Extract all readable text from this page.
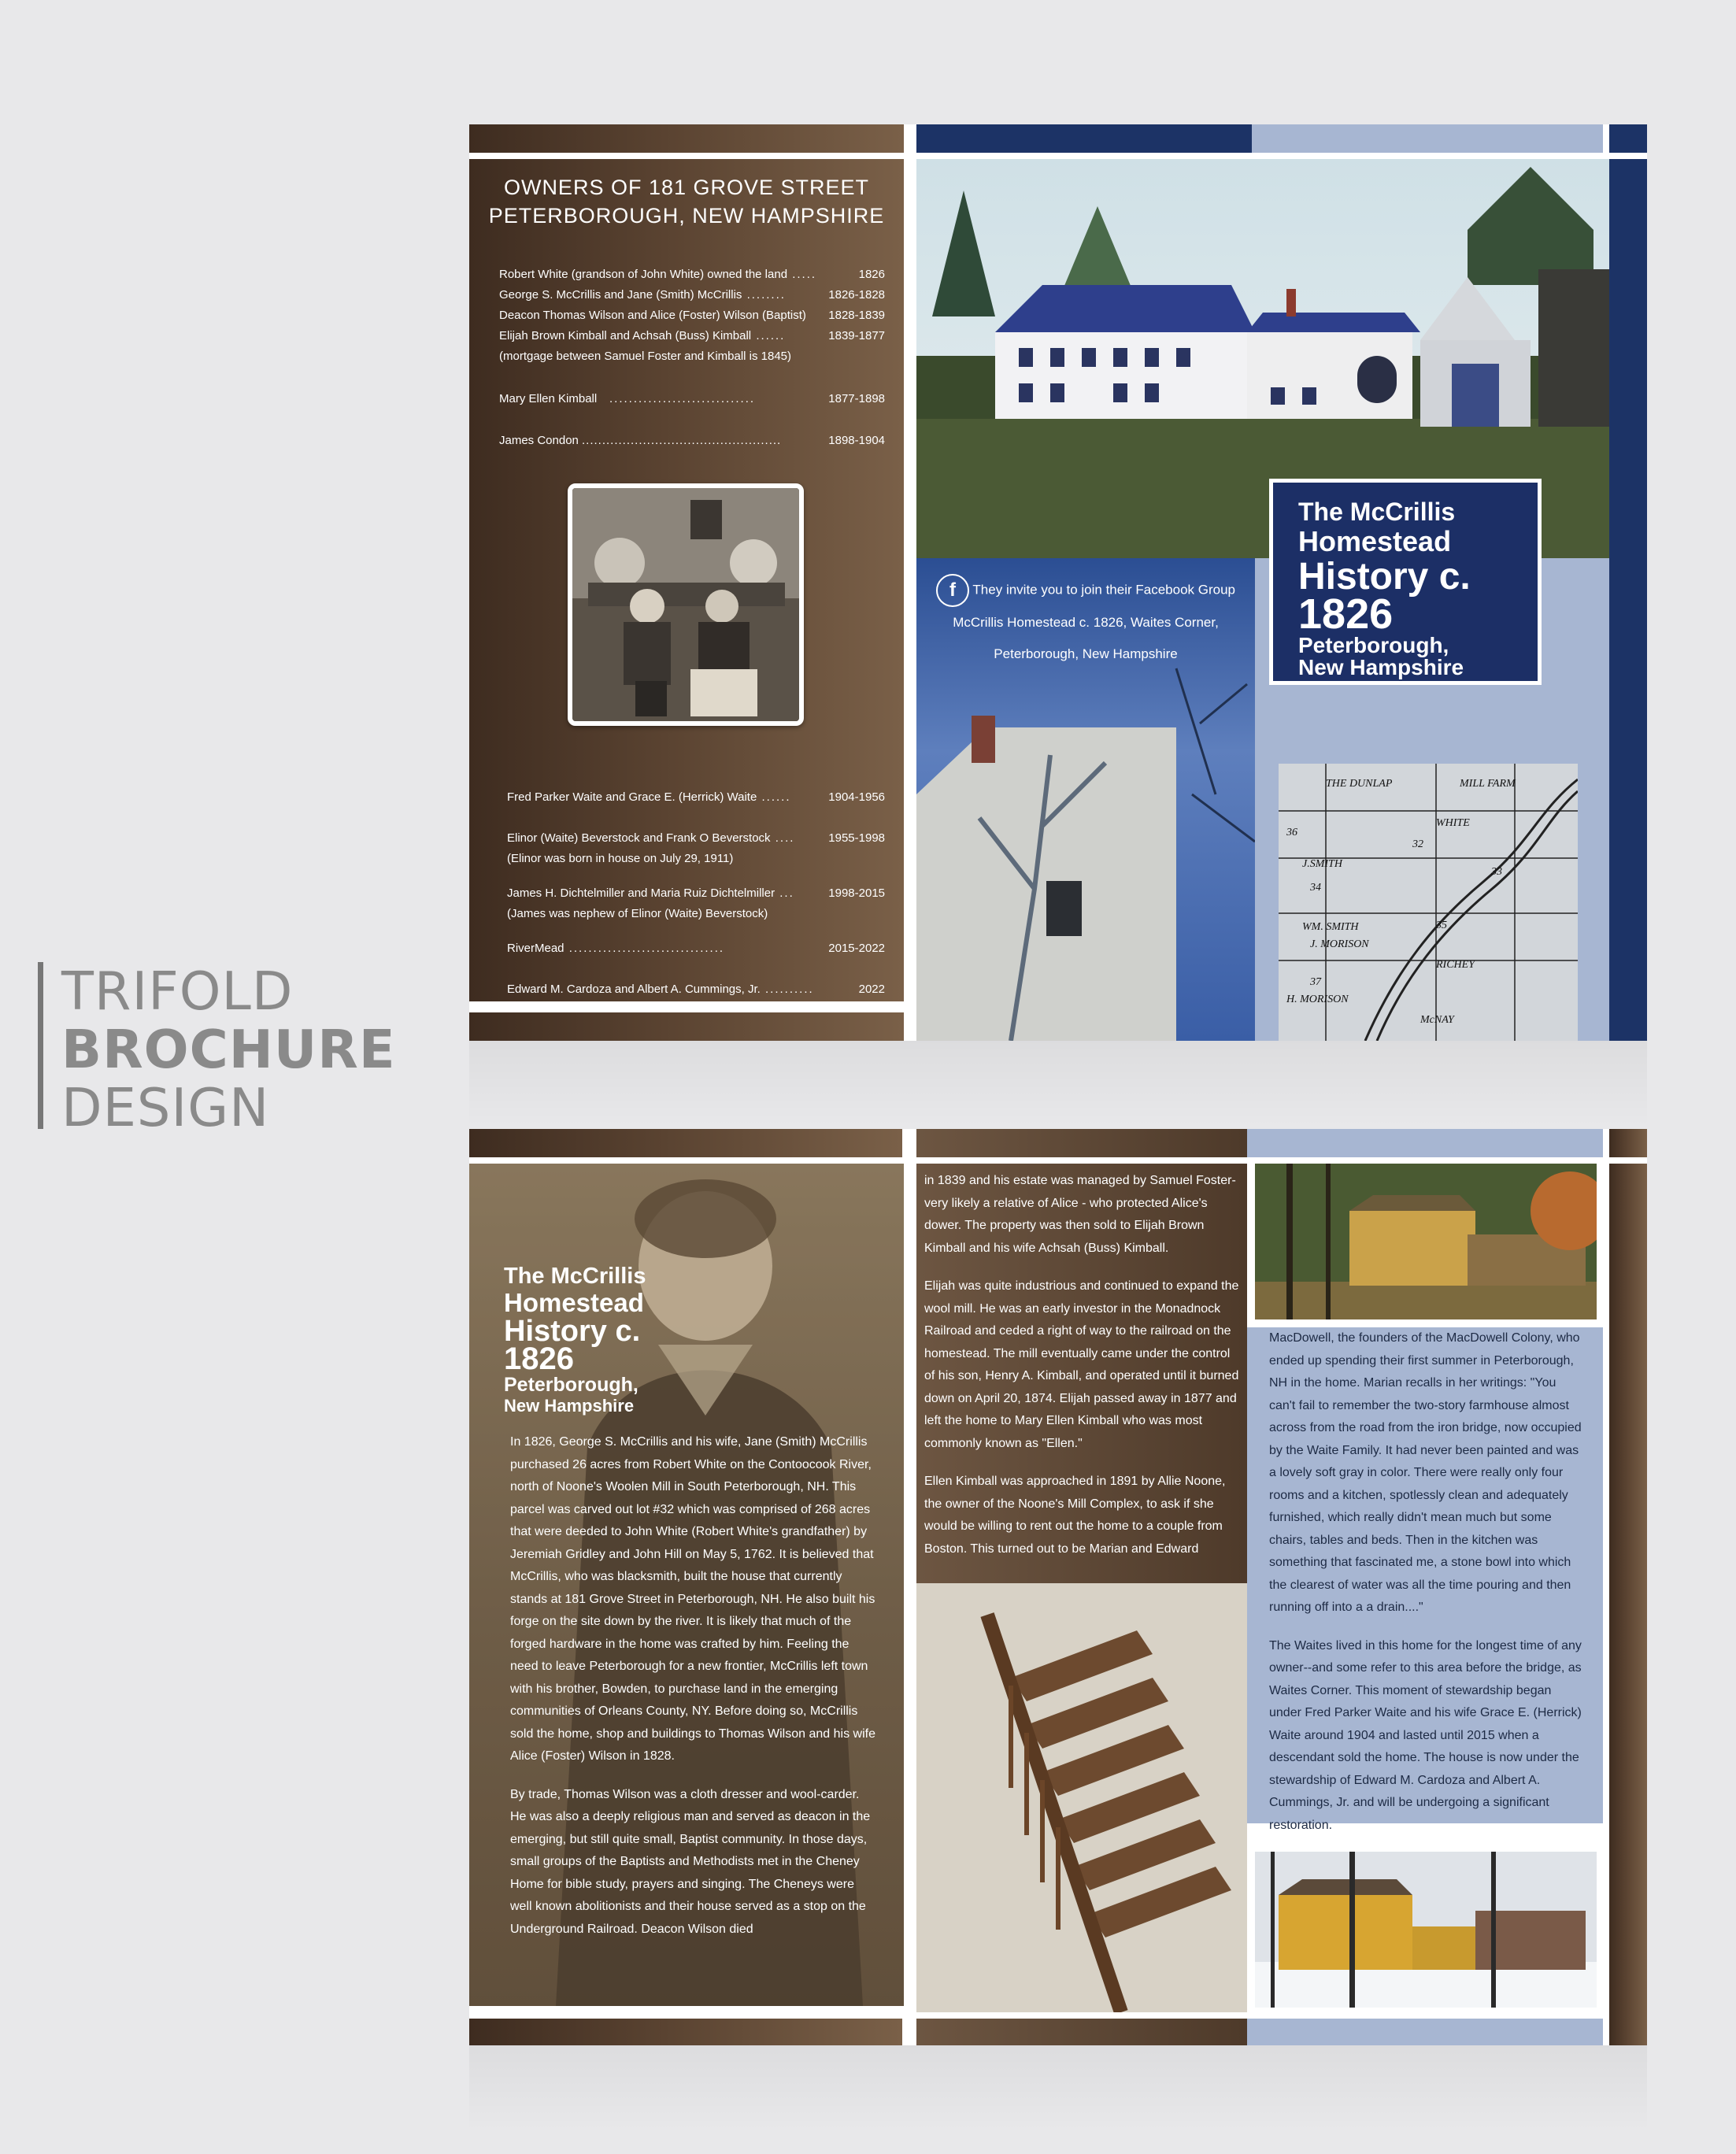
TRIFOLD
BROCHURE
DESIGN
OWNERS OF 181 GROVE STREET
PETERBOROUGH, NEW HAMPSHIRE
Robert White (grandson of John White) owned the land .....	1826
George S. McCrillis and Jane (Smith) McCrillis ........	1826-1828
Deacon Thomas Wilson and Alice (Foster) Wilson (Baptist) 1828-1839
Elijah Brown Kimball and Achsah (Buss) Kimball ......	1839-1877
(mortgage between Samuel Foster and Kimball is 1845)
Mary Ellen Kimball ..............................	1877-1898
James Condon .................................................	1898-1904
Fred Parker Waite and Grace E. (Herrick) Waite ......	1904-1956
Elinor (Waite) Beverstock and Frank O Beverstock ....	1955-1998
(Elinor was born in house on July 29, 1911)
James H. Dichtelmiller and Maria Ruiz Dichtelmiller ...	1998-2015
(James was nephew of Elinor (Waite) Beverstock)
RiverMead ................................	2015-2022
Edward M. Cardoza and Albert A. Cummings, Jr. ..........	2022
f They invite you to join their Facebook Group
McCrillis Homestead c. 1826, Waites Corner,
Peterborough, New Hampshire
THE DUNLAP	MILL FARM
WHITE
J.SMITH
34
WM. SMITH
J. MORISON
H. MORISON
McNAY
RICHEY
32
33
35
36
37
The McCrillis
Homestead
History c.
1826
Peterborough,
New Hampshire
The McCrillis
Homestead
History c.
1826
Peterborough,
New Hampshire

In 1826, George S. McCrillis and his wife, Jane (Smith) McCrillis purchased 26 acres from Robert White on the Contoocook River, north of Noone's Woolen Mill in South Peterborough, NH. This parcel was carved out lot #32 which was comprised of 268 acres that were deeded to John White (Robert White's grandfather) by Jeremiah Gridley and John Hill on May 5, 1762. It is believed that McCrillis, who was blacksmith, built the house that currently stands at 181 Grove Street in Peterborough, NH. He also built his forge on the site down by the river. It is likely that much of the forged hardware in the home was crafted by him. Feeling the need to leave Peterborough for a new frontier, McCrillis left town with his brother, Bowden, to purchase land in the emerging communities of Orleans County, NY. Before doing so, McCrillis sold the home, shop and buildings to Thomas Wilson and his wife Alice (Foster) Wilson in 1828.

By trade, Thomas Wilson was a cloth dresser and wool-carder. He was also a deeply religious man and served as deacon in the emerging, but still quite small, Baptist community. In those days, small groups of the Baptists and Methodists met in the Cheney Home for bible study, prayers and singing. The Cheneys were well known abolitionists and their house served as a stop on the Underground Railroad. Deacon Wilson died

in 1839 and his estate was managed by Samuel Foster- very likely a relative of Alice - who protected Alice's dower. The property was then sold to Elijah Brown Kimball and his wife Achsah (Buss) Kimball.

Elijah was quite industrious and continued to expand the wool mill. He was an early investor in the Monadnock Railroad and ceded a right of way to the railroad on the homestead. The mill eventually came under the control of his son, Henry A. Kimball, and operated until it burned down on April 20, 1874. Elijah passed away in 1877 and left the home to Mary Ellen Kimball who was most commonly known as "Ellen."

Ellen Kimball was approached in 1891 by Allie Noone, the owner of the Noone's Mill Complex, to ask if she would be willing to rent out the home to a couple from Boston. This turned out to be Marian and Edward

MacDowell, the founders of the MacDowell Colony, who ended up spending their first summer in Peterborough, NH in the home. Marian recalls in her writings: "You can't fail to remember the two-story farmhouse almost across from the road from the iron bridge, now occupied by the Waite Family. It had never been painted and was a lovely soft gray in color. There were really only four rooms and a kitchen, spotlessly clean and adequately furnished, which really didn't mean much but some chairs, tables and beds. Then in the kitchen was something that fascinated me, a stone bowl into which the clearest of water was all the time pouring and then running off into a a drain...."

The Waites lived in this home for the longest time of any owner--and some refer to this area before the bridge, as Waites Corner. This moment of stewardship began under Fred Parker Waite and his wife Grace E. (Herrick) Waite around 1904 and lasted until 2015 when a descendant sold the home. The house is now under the stewardship of Edward M. Cardoza and Albert A. Cummings, Jr. and will be undergoing a significant restoration.
